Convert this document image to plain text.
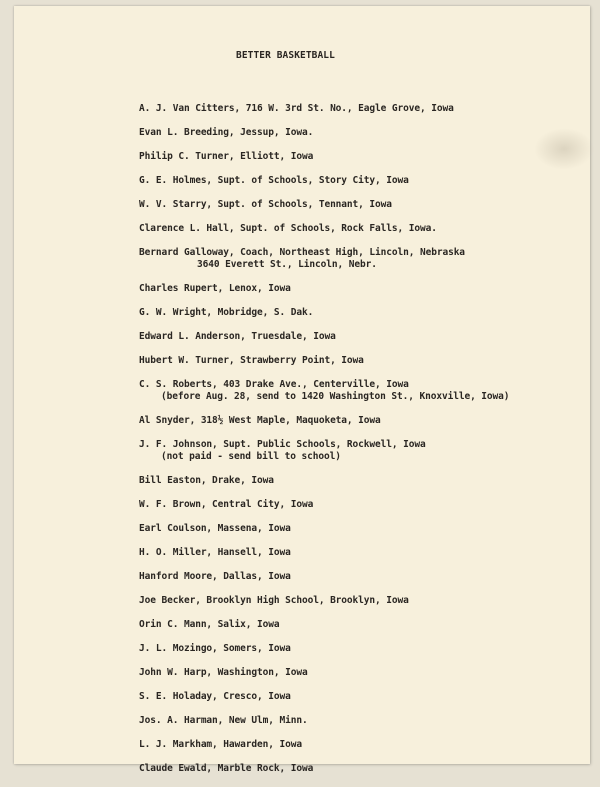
BETTER BASKETBALL
A. J. Van Citters, 716 W. 3rd St. No., Eagle Grove, Iowa
Evan L. Breeding, Jessup, Iowa.
Philip C. Turner, Elliott, Iowa
G. E. Holmes, Supt. of Schools, Story City, Iowa
W. V. Starry, Supt. of Schools, Tennant, Iowa
Clarence L. Hall, Supt. of Schools, Rock Falls, Iowa.
Bernard Galloway, Coach, Northeast High, Lincoln, Nebraska
3640 Everett St., Lincoln, Nebr.
Charles Rupert, Lenox, Iowa
G. W. Wright, Mobridge, S. Dak.
Edward L. Anderson, Truesdale, Iowa
Hubert W. Turner, Strawberry Point, Iowa
C. S. Roberts, 403 Drake Ave., Centerville, Iowa
(before Aug. 28, send to 1420 Washington St., Knoxville, Iowa)
Al Snyder, 318½ West Maple, Maquoketa, Iowa
J. F. Johnson, Supt. Public Schools, Rockwell, Iowa
(not paid - send bill to school)
Bill Easton, Drake, Iowa
W. F. Brown, Central City, Iowa
Earl Coulson, Massena, Iowa
H. O. Miller, Hansell, Iowa
Hanford Moore, Dallas, Iowa
Joe Becker, Brooklyn High School, Brooklyn, Iowa
Orin C. Mann, Salix, Iowa
J. L. Mozingo, Somers, Iowa
John W. Harp, Washington, Iowa
S. E. Holaday, Cresco, Iowa
Jos. A. Harman, New Ulm, Minn.
L. J. Markham, Hawarden, Iowa
Claude Ewald, Marble Rock, Iowa
